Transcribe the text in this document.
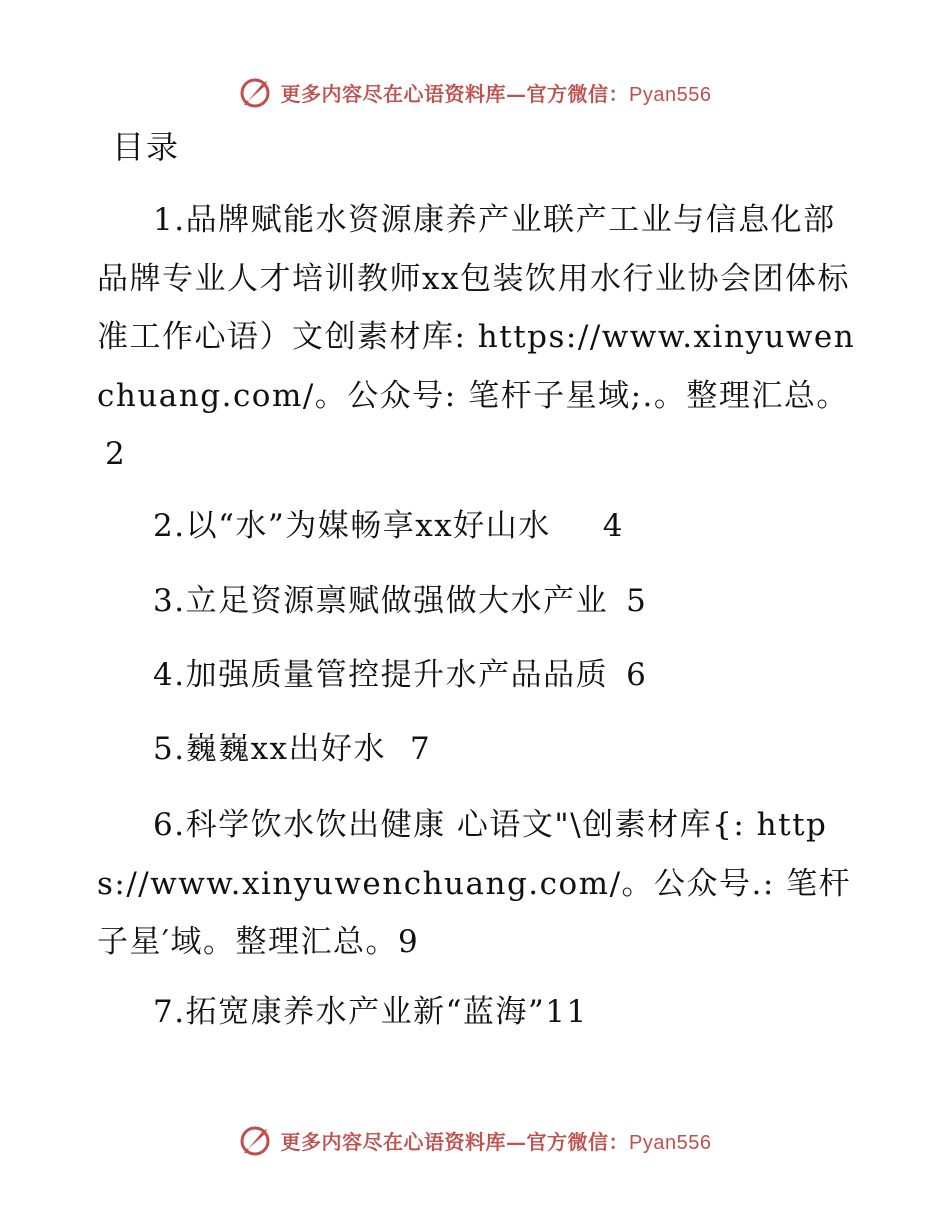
更多内容尽在心语资料库—官方微信：Pyan556
目录

1.品牌赋能水资源康养产业联产工业与信息化部品牌专业人才培训教师xx包装饮用水行业协会团体标准工作心语）文创素材库: https://www.xinyuwenchuang.com/。公众号: 笔杆子星域;.。整理汇总。2

2.以“水”为媒畅享xx好山水 4

3.立足资源禀赋做强做大水产业 5

4.加强质量管控提升水产品品质 6

5.巍巍xx出好水 7

6.科学饮水饮出健康 心语文"\创素材库{: https://www.xinyuwenchuang.com/。公众号.: 笔杆子星′域。整理汇总。9

7.拓宽康养水产业新“蓝海”11

更多内容尽在心语资料库—官方微信：Pyan556
